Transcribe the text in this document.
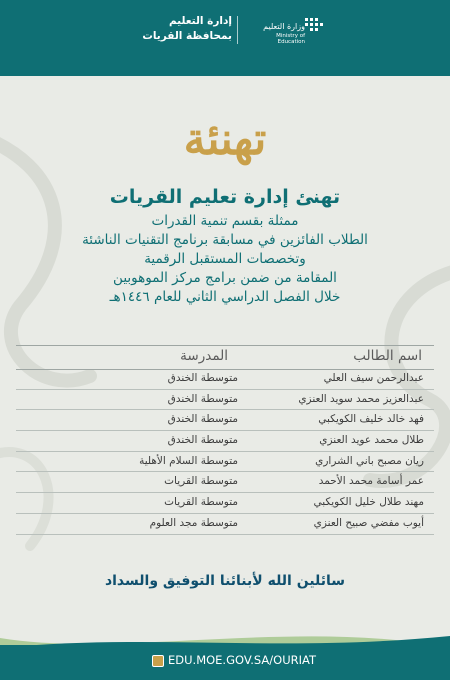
وزارة التعليم
Ministry of Education
إدارة التعليم
بمحافظة القريات
تهنئة
تهنئ إدارة تعليم القريات
ممثلة بقسم تنمية القدرات
الطلاب الفائزين في مسابقة برنامج التقنيات الناشئة
وتخصصات المستقبل الرقمية
المقامة من ضمن برامج مركز الموهوبين
خلال الفصل الدراسي الثاني للعام ١٤٤٦هـ
اسم الطالب
المدرسة
عبدالرحمن سيف العلي
متوسطة الخندق
عبدالعزيز محمد سويد العنزي
متوسطة الخندق
فهد خالد خليف الكويكبي
متوسطة الخندق
طلال محمد عويد العنزي
متوسطة الخندق
ريان مصبح باني الشراري
متوسطة السلام الأهلية
عمر أسامة محمد الأحمد
متوسطة القريات
مهند طلال خليل الكويكبي
متوسطة القريات
أيوب مفضي صبيح العنزي
متوسطة مجد العلوم
سائلين الله لأبنائنا التوفيق والسداد
EDU.MOE.GOV.SA/OURIAT
